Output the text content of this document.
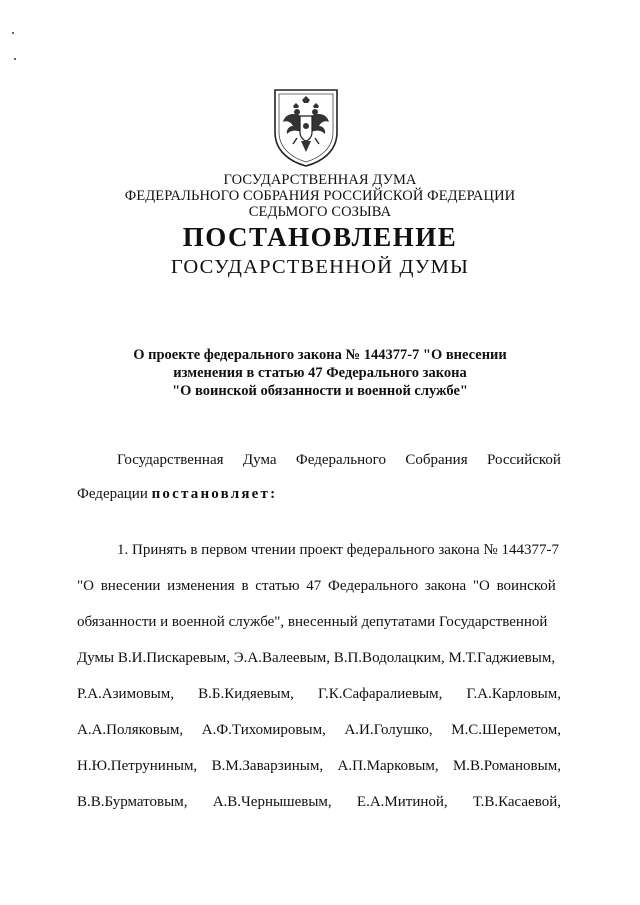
ГОСУДАРСТВЕННАЯ ДУМА
ФЕДЕРАЛЬНОГО СОБРАНИЯ РОССИЙСКОЙ ФЕДЕРАЦИИ
СЕДЬМОГО СОЗЫВА
ПОСТАНОВЛЕНИЕ
ГОСУДАРСТВЕННОЙ ДУМЫ
О проекте федерального закона № 144377-7 "О внесении
изменения в статью 47 Федерального закона
"О воинской обязанности и военной службе"
Государственная Дума Федерального Собрания Российской
Федерации постановляет:
1. Принять в первом чтении проект федерального закона № 144377-7
"О внесении изменения в статью 47 Федерального закона "О воинской
обязанности и военной службе", внесенный депутатами Государственной
Думы В.И.Пискаревым, Э.А.Валеевым, В.П.Водолацким, М.Т.Гаджиевым,
Р.А.Азимовым, В.Б.Кидяевым, Г.К.Сафаралиевым, Г.А.Карловым,
А.А.Поляковым, А.Ф.Тихомировым, А.И.Голушко, М.С.Шереметом,
Н.Ю.Петруниным, В.М.Заварзиным, А.П.Марковым, М.В.Романовым,
В.В.Бурматовым, А.В.Чернышевым, Е.А.Митиной, Т.В.Касаевой,
